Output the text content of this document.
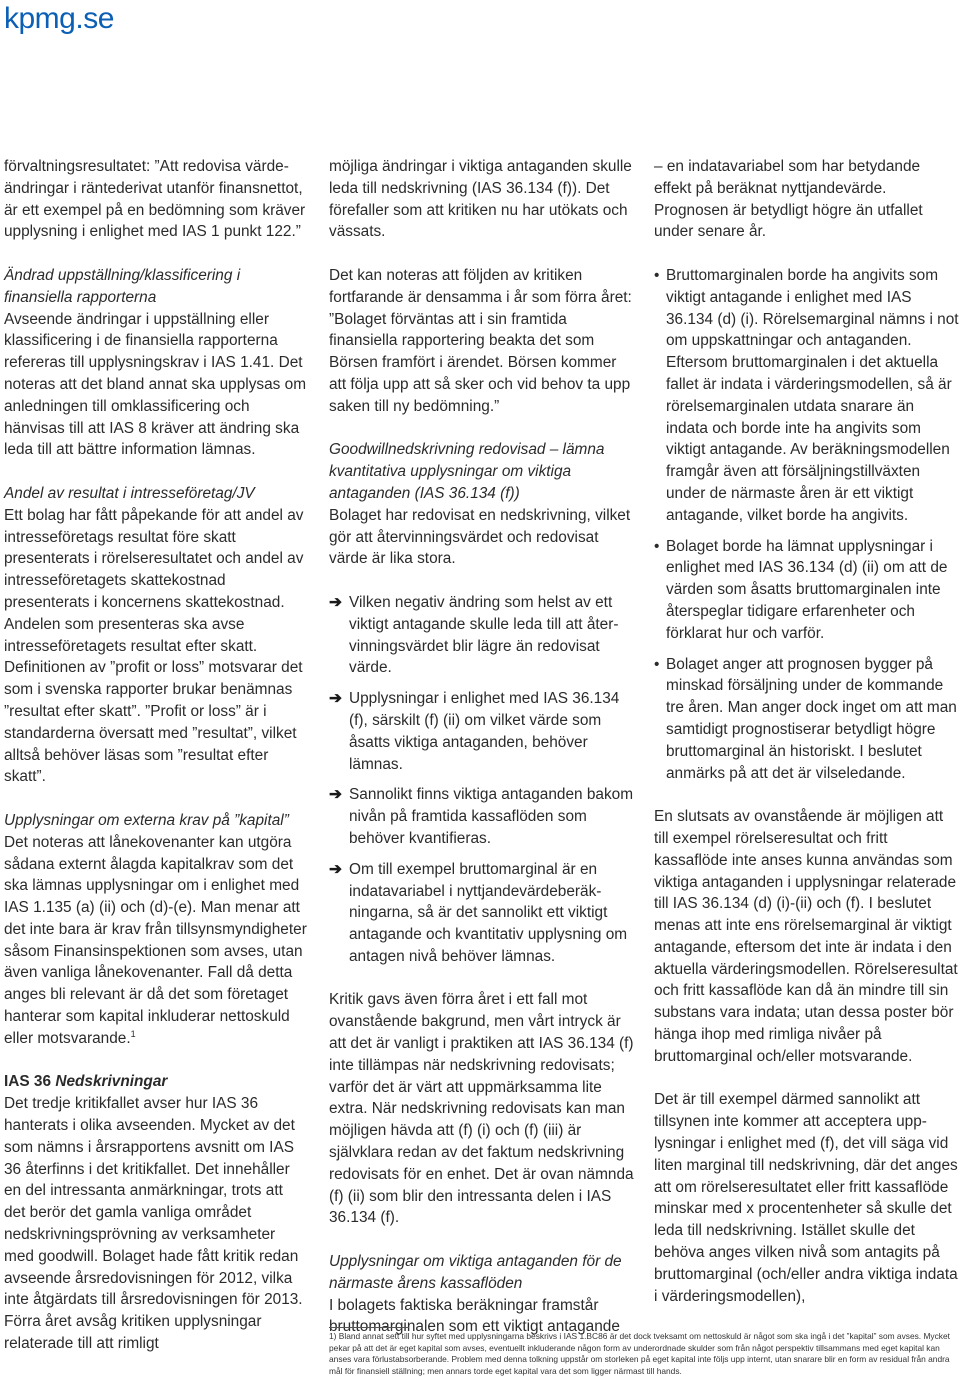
kpmg.se

förvaltningsresultatet: ”Att redovisa värdeändringar i räntederivat utanför finansnettot, är ett exempel på en bedömning som kräver upplysning i enlighet med IAS 1 punkt 122.”

Ändrad uppställning/klassificering i finansiella rapporterna
Avseende ändringar i uppställning eller klassificering i de finansiella rapporterna refereras till upplysningskrav i IAS 1.41. Det noteras att det bland annat ska upplysas om anledningen till omklassificering och hänvisas till att IAS 8 kräver att ändring ska leda till att bättre information lämnas.

Andel av resultat i intresseföretag/JV
Ett bolag har fått påpekande för att andel av intresseföretags resultat före skatt presenterats i rörelseresultatet och andel av intresseföretagets skattekostnad presenterats i koncernens skattekostnad. Andelen som presenteras ska avse intresseföretagets resultat efter skatt. Definitionen av ”profit or loss” motsvarar det som i svenska rapporter brukar benämnas ”resultat efter skatt”. ”Profit or loss” är i standarderna översatt med ”resultat”, vilket alltså behöver läsas som ”resultat efter skatt”.

Upplysningar om externa krav på ”kapital”
Det noteras att lånekovenanter kan utgöra sådana externt ålagda kapitalkrav som det ska lämnas upplysningar om i enlighet med IAS 1.135 (a) (ii) och (d)-(e). Man menar att det inte bara är krav från tillsynsmyndigheter såsom Finansinspektionen som avses, utan även vanliga lånekovenanter. Fall då detta anges bli relevant är då det som företaget hanterar som kapital inkluderar nettoskuld eller motsvarande.$^1$

IAS 36 Nedskrivningar
Det tredje kritikfallet avser hur IAS 36 hanterats i olika avseenden. Mycket av det som nämns i årsrapportens avsnitt om IAS 36 återfinns i det kritikfallet. Det innehåller en del intressanta anmärkningar, trots att det berör det gamla vanliga området nedskrivningsprövning av verksamheter med goodwill. Bolaget hade fått kritik redan avseende årsredovisningen för 2012, vilka inte åtgärdats till årsredovisningen för 2013. Förra året avsåg kritiken upplysningar relaterade till att rimligt

möjliga ändringar i viktiga antaganden skulle leda till nedskrivning (IAS 36.134 (f)). Det förefaller som att kritiken nu har utökats och vässats.

Det kan noteras att följden av kritiken fortfarande är densamma i år som förra året: ”Bolaget förväntas att i sin framtida finansiella rapportering beakta det som Börsen framfört i ärendet. Börsen kommer att följa upp att så sker och vid behov ta upp saken till ny bedömning.”

Goodwillnedskrivning redovisad – lämna kvantitativa upplysningar om viktiga antaganden (IAS 36.134 (f))
Bolaget har redovisat en nedskrivning, vilket gör att återvinningsvärdet och redovisat värde är lika stora.

➔ Vilken negativ ändring som helst av ett viktigt antagande skulle leda till att återvinningsvärdet blir lägre än redovisat värde.
➔ Upplysningar i enlighet med IAS 36.134 (f), särskilt (f) (ii) om vilket värde som åsatts viktiga antaganden, behöver lämnas.
➔ Sannolikt finns viktiga antaganden bakom nivån på framtida kassaflöden som behöver kvantifieras.
➔ Om till exempel bruttomarginal är en indatavariabel i nyttjandevärdeberäkningarna, så är det sannolikt ett viktigt antagande och kvantitativ upplysning om antagen nivå behöver lämnas.

Kritik gavs även förra året i ett fall mot ovanstående bakgrund, men vårt intryck är att det är vanligt i praktiken att IAS 36.134 (f) inte tillämpas när nedskrivning redovisats; varför det är värt att uppmärksamma lite extra. När nedskrivning redovisats kan man möjligen hävda att (f) (i) och (f) (iii) är självklara redan av det faktum nedskrivning redovisats för en enhet. Det är ovan nämnda (f) (ii) som blir den intressanta delen i IAS 36.134 (f).

Upplysningar om viktiga antaganden för de närmaste årens kassaflöden
I bolagets faktiska beräkningar framstår bruttomarginalen som ett viktigt antagande

– en indatavariabel som har betydande effekt på beräknat nyttjandevärde. Prognosen är betydligt högre än utfallet under senare år.

• Bruttomarginalen borde ha angivits som viktigt antagande i enlighet med IAS 36.134 (d) (i). Rörelsemarginal nämns i not om uppskattningar och antaganden. Eftersom bruttomarginalen i det aktuella fallet är indata i värderingsmodellen, så är rörelsemarginalen utdata snarare än indata och borde inte ha angivits som viktigt antagande. Av beräkningsmodellen framgår även att försäljningstillväxten under de närmaste åren är ett viktigt antagande, vilket borde ha angivits.
• Bolaget borde ha lämnat upplysningar i enlighet med IAS 36.134 (d) (ii) om att de värden som åsatts bruttomarginalen inte återspeglar tidigare erfarenheter och förklarat hur och varför.
• Bolaget anger att prognosen bygger på minskad försäljning under de kommande tre åren. Man anger dock inget om att man samtidigt prognostiserar betydligt högre bruttomarginal än historiskt. I beslutet anmärks på att det är vilseledande.

En slutsats av ovanstående är möjligen att till exempel rörelseresultat och fritt kassaflöde inte anses kunna användas som viktiga antaganden i upplysningar relaterade till IAS 36.134 (d) (i)-(ii) och (f). I beslutet menas att inte ens rörelsemarginal är viktigt antagande, eftersom det inte är indata i den aktuella värderingsmodellen. Rörelseresultat och fritt kassaflöde kan då än mindre till sin substans vara indata; utan dessa poster bör hänga ihop med rimliga nivåer på bruttomarginal och/eller motsvarande.

Det är till exempel därmed sannolikt att tillsynen inte kommer att acceptera upplysningar i enlighet med (f), det vill säga vid liten marginal till nedskrivning, där det anges att om rörelseresultatet eller fritt kassaflöde minskar med x procentenheter så skulle det leda till nedskrivning. Istället skulle det behöva anges vilken nivå som antagits på bruttomarginal (och/eller andra viktiga indata i värderingsmodellen),

1) Bland annat sett till hur syftet med upplysningarna beskrivs i IAS 1.BC86 är det dock tveksamt om nettoskuld är något som ska ingå i det ”kapital” som avses. Mycket pekar på att det är eget kapital som avses, eventuellt inkluderande någon form av underordnade skulder som från något perspektiv tillsammans med eget kapital kan anses vara förlustabsorberande. Problem med denna tolkning uppstår om storleken på eget kapital inte följs upp internt, utan snarare blir en form av residual från andra mål för finansiell ställning; men annars torde eget kapital vara det som ligger närmast till hands.
